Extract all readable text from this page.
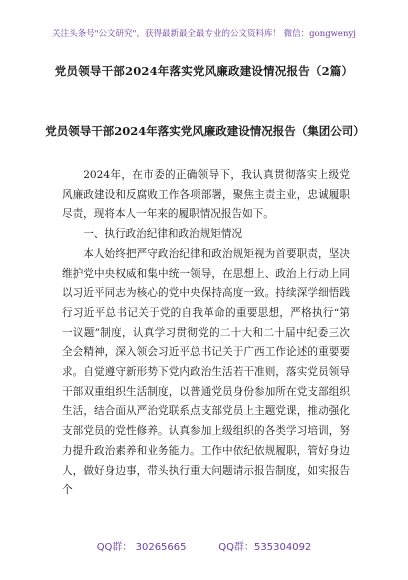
关注头条号"公文研究"，获得最新最全最专业的公文资料库！ 微信：gongwenyj
党员领导干部2024年落实党风廉政建设情况报告（2篇）
党员领导干部2024年落实党风廉政建设情况报告（集团公司）

2024年，在市委的正确领导下，我认真贯彻落实上级党风廉政建设和反腐败工作各项部署，聚焦主责主业，忠诚履职尽责，现将本人一年来的履职情况报告如下。

一、执行政治纪律和政治规矩情况

本人始终把严守政治纪律和政治规矩视为首要职责，坚决维护党中央权威和集中统一领导，在思想上、政治上行动上同以习近平同志为核心的党中央保持高度一致。持续深学细悟践行习近平总书记关于党的自我革命的重要思想，严格执行“第一议题”制度，认真学习贯彻党的二十大和二十届中纪委三次全会精神，深入领会习近平总书记关于广西工作论述的重要要求。自觉遵守新形势下党内政治生活若干准则，落实党员领导干部双重组织生活制度，以普通党员身份参加所在党支部组织生活，结合面从严治党联系点支部党员上主题党课，推动强化支部党员的党性修养。认真参加上级组织的各类学习培训，努力提升政治素养和业务能力。工作中依纪依规履职，管好身边人，做好身边事，带头执行重大问题请示报告制度，如实报告个

QQ群： 30265665          QQ群：535304092
